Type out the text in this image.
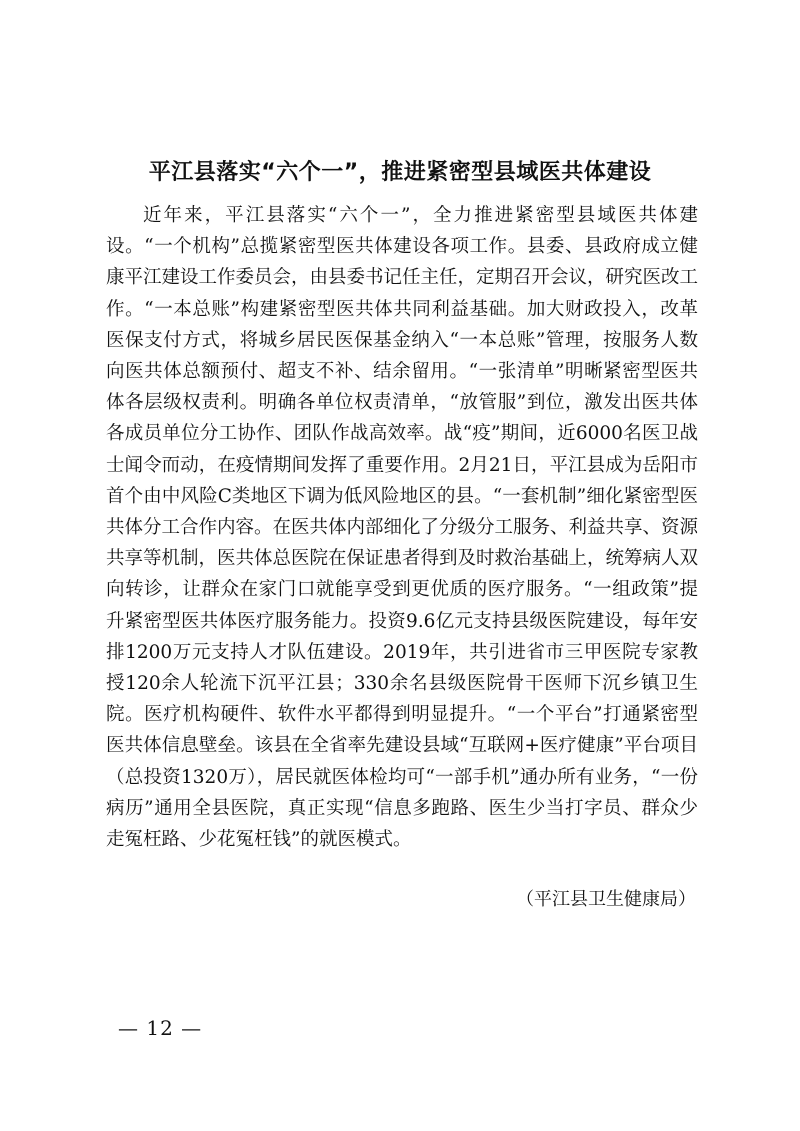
平江县落实“六个一”，推进紧密型县域医共体建设

近年来，平江县落实“六个一”，全力推进紧密型县域医共体建设。“一个机构”总揽紧密型医共体建设各项工作。县委、县政府成立健康平江建设工作委员会，由县委书记任主任，定期召开会议，研究医改工作。“一本总账”构建紧密型医共体共同利益基础。加大财政投入，改革医保支付方式，将城乡居民医保基金纳入“一本总账”管理，按服务人数向医共体总额预付、超支不补、结余留用。“一张清单”明晰紧密型医共体各层级权责利。明确各单位权责清单，“放管服”到位，激发出医共体各成员单位分工协作、团队作战高效率。战“疫”期间，近6000名医卫战士闻令而动，在疫情期间发挥了重要作用。2月21日，平江县成为岳阳市首个由中风险C类地区下调为低风险地区的县。“一套机制”细化紧密型医共体分工合作内容。在医共体内部细化了分级分工服务、利益共享、资源共享等机制，医共体总医院在保证患者得到及时救治基础上，统筹病人双向转诊，让群众在家门口就能享受到更优质的医疗服务。“一组政策”提升紧密型医共体医疗服务能力。投资9.6亿元支持县级医院建设，每年安排1200万元支持人才队伍建设。2019年，共引进省市三甲医院专家教授120余人轮流下沉平江县；330余名县级医院骨干医师下沉乡镇卫生院。医疗机构硬件、软件水平都得到明显提升。“一个平台”打通紧密型医共体信息壁垒。该县在全省率先建设县域“互联网+医疗健康”平台项目（总投资1320万），居民就医体检均可“一部手机”通办所有业务，“一份病历”通用全县医院，真正实现“信息多跑路、医生少当打字员、群众少走冤枉路、少花冤枉钱”的就医模式。

（平江县卫生健康局）
— 12 —
